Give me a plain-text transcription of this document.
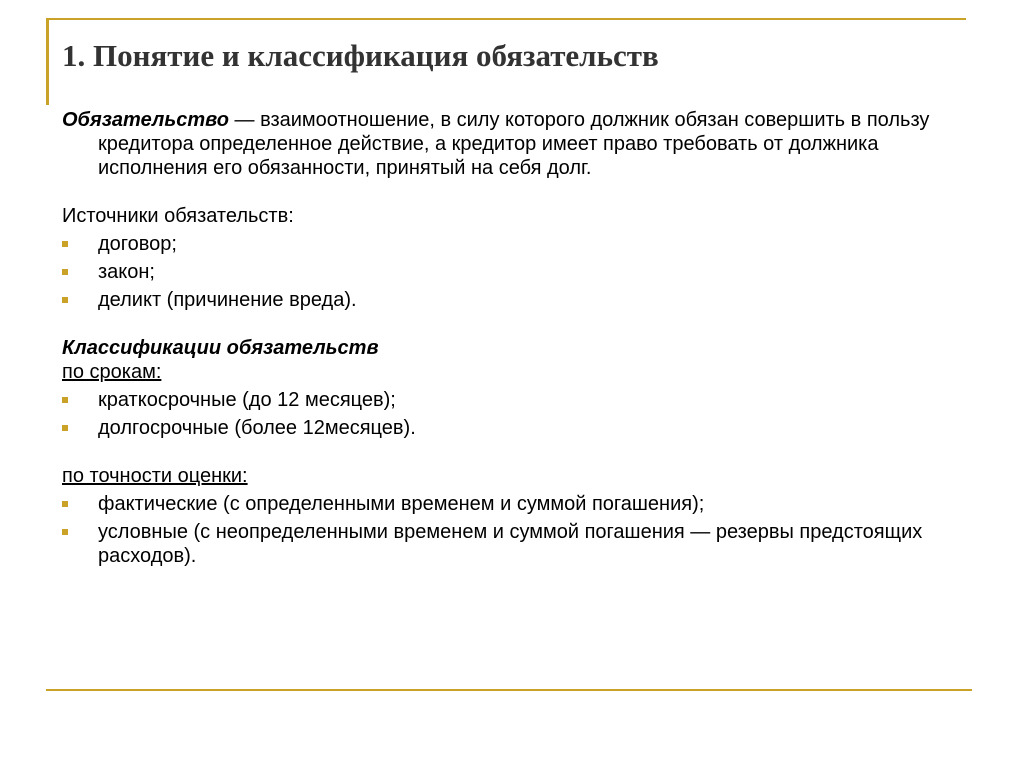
1. Понятие и классификация обязательств

Обязательство — взаимоотношение, в силу которого должник обязан совершить в пользу кредитора определенное действие, а кредитор имеет право требовать от должника исполнения его обязанности, принятый на себя долг.

Источники обязательств:

договор;
закон;
деликт (причинение вреда).

Классификации обязательств

по срокам:

краткосрочные (до 12 месяцев);
долгосрочные (более 12месяцев).

по точности оценки:

фактические (с определенными временем и суммой погашения);
условные (с неопределенными временем и суммой погашения — резервы предстоящих расходов).
